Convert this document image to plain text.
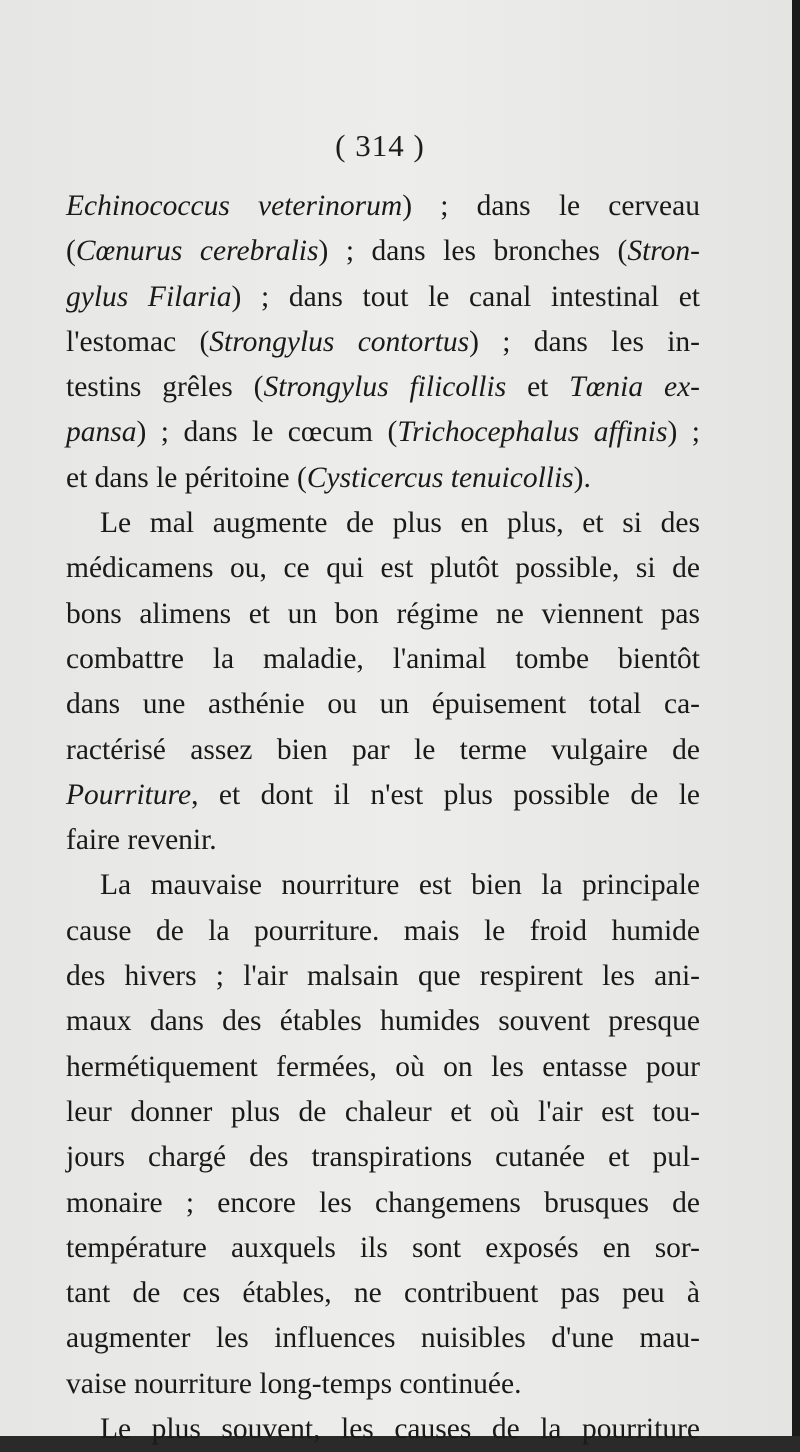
( 314 )
Echinococcus veterinorum) ; dans le cerveau
(Cœnurus cerebralis) ; dans les bronches (Stron-
gylus Filaria) ; dans tout le canal intestinal et
l'estomac (Strongylus contortus) ; dans les in-
testins grêles (Strongylus filicollis et Tœnia ex-
pansa) ; dans le cœcum (Trichocephalus affinis) ;
et dans le péritoine (Cysticercus tenuicollis).
Le mal augmente de plus en plus, et si des
médicamens ou, ce qui est plutôt possible, si de
bons alimens et un bon régime ne viennent pas
combattre la maladie, l'animal tombe bientôt
dans une asthénie ou un épuisement total ca-
ractérisé assez bien par le terme vulgaire de
Pourriture, et dont il n'est plus possible de le
faire revenir.
La mauvaise nourriture est bien la principale
cause de la pourriture. mais le froid humide
des hivers ; l'air malsain que respirent les ani-
maux dans des étables humides souvent presque
hermétiquement fermées, où on les entasse pour
leur donner plus de chaleur et où l'air est tou-
jours chargé des transpirations cutanée et pul-
monaire ; encore les changemens brusques de
température auxquels ils sont exposés en sor-
tant de ces étables, ne contribuent pas peu à
augmenter les influences nuisibles d'une mau-
vaise nourriture long-temps continuée.
Le plus souvent, les causes de la pourriture
